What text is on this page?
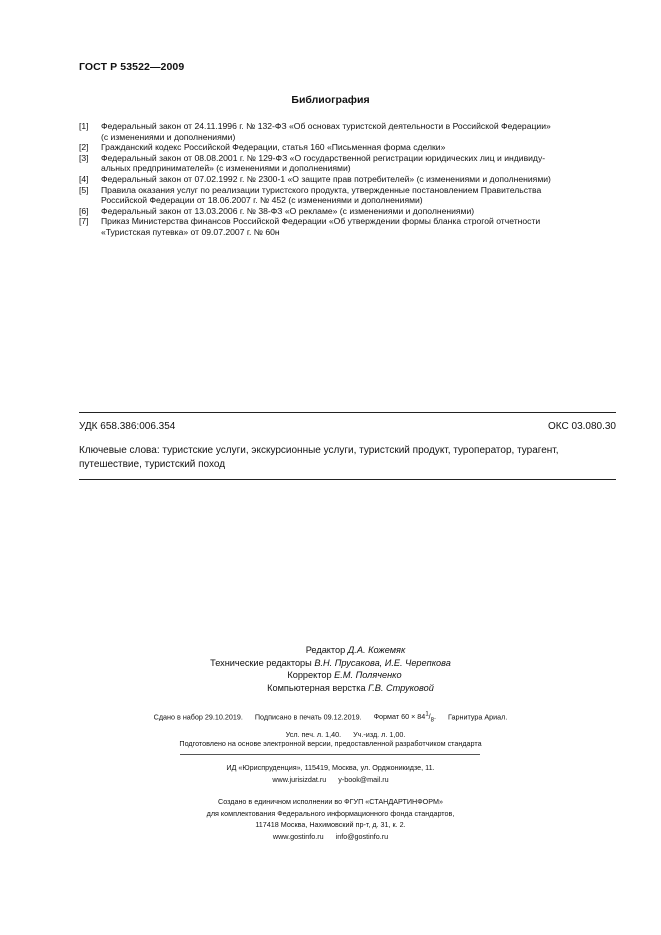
ГОСТ Р 53522—2009
Библиография
[1]	Федеральный закон от 24.11.1996 г. № 132-ФЗ «Об основах туристской деятельности в Российской Федерации»
(с изменениями и дополнениями)
[2]	Гражданский кодекс Российской Федерации, статья 160 «Письменная форма сделки»
[3]	Федеральный закон от 08.08.2001 г. № 129-ФЗ «О государственной регистрации юридических лиц и индивиду-
альных предпринимателей» (с изменениями и дополнениями)
[4]	Федеральный закон от 07.02.1992 г. № 2300-1 «О защите прав потребителей» (с изменениями и дополнениями)
[5]	Правила оказания услуг по реализации туристского продукта, утвержденные постановлением Правительства
Российской Федерации от 18.06.2007 г. № 452 (с изменениями и дополнениями)
[6]	Федеральный закон от 13.03.2006 г. № 38-ФЗ «О рекламе» (с изменениями и дополнениями)
[7]	Приказ Министерства финансов Российской Федерации «Об утверждении формы бланка строгой отчетности
«Туристская путевка» от 09.07.2007 г. № 60н
УДК 658.386:006.354	ОКС 03.080.30
Ключевые слова: туристские услуги, экскурсионные услуги, туристский продукт, туроператор, турагент,
путешествие, туристский поход
Редактор Д.А. Кожемяк
Технические редакторы В.Н. Прусакова, И.Е. Черепкова
Корректор Е.М. Поляченко
Компьютерная верстка Г.В. Струковой
Сдано в набор 29.10.2019. Подписано в печать 09.12.2019. Формат $60 \times 84^1/_8$. Гарнитура Ариал.
Усл. печ. л. 1,40. Уч.-изд. л. 1,00.
Подготовлено на основе электронной версии, предоставленной разработчиком стандарта
ИД «Юриспруденция», 115419, Москва, ул. Орджоникидзе, 11.
www.jurisizdat.ru y-book@mail.ru
Создано в единичном исполнении во ФГУП «СТАНДАРТИНФОРМ»
для комплектования Федерального информационного фонда стандартов,
117418 Москва, Нахимовский пр-т, д. 31, к. 2.
www.gostinfo.ru info@gostinfo.ru
